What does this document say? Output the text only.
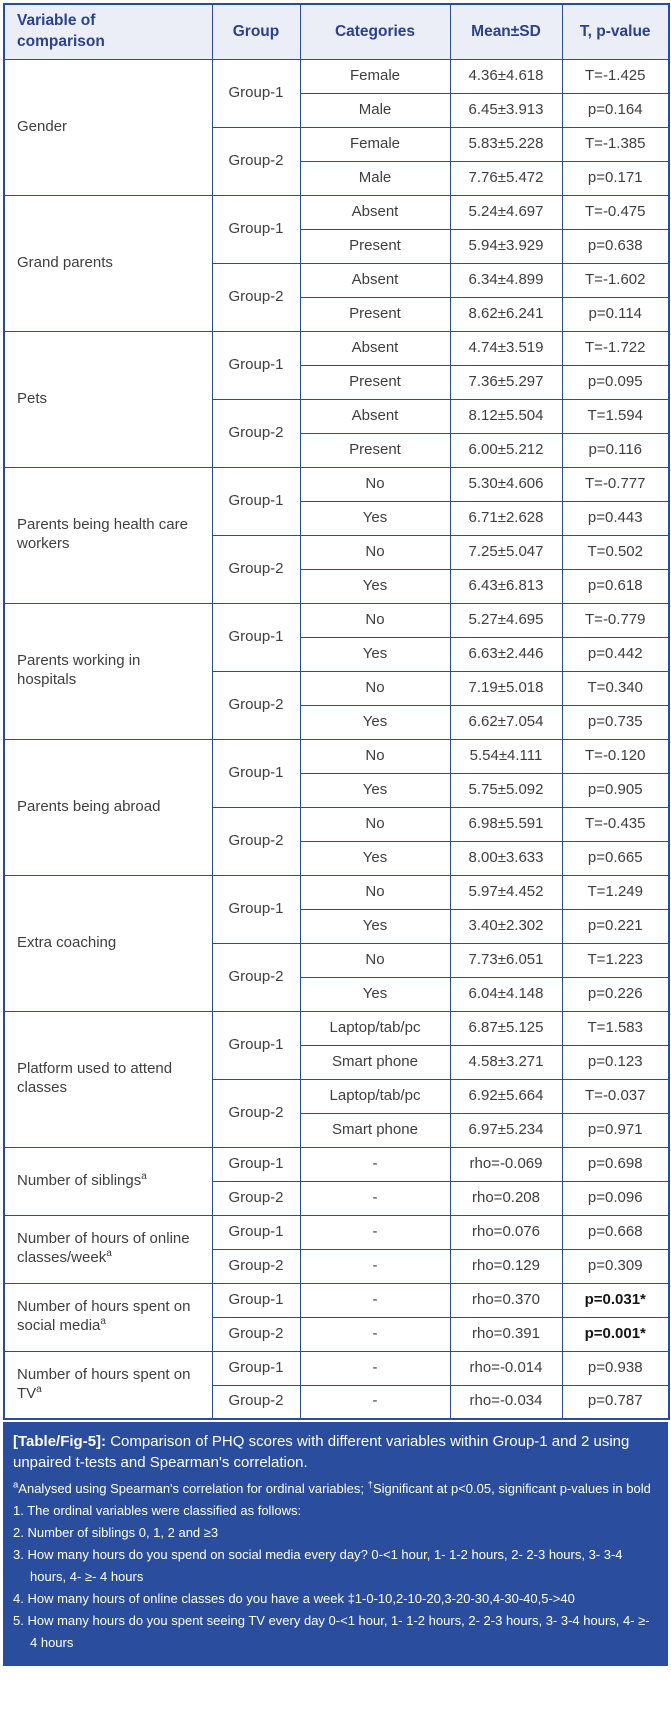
Variable of comparison	Group	Categories	Mean±SD	T, p-value
Gender	Group-1	Female	4.36±4.618	T=-1.425
		Male	6.45±3.913	p=0.164
	Group-2	Female	5.83±5.228	T=-1.385
		Male	7.76±5.472	p=0.171
Grand parents	Group-1	Absent	5.24±4.697	T=-0.475
		Present	5.94±3.929	p=0.638
	Group-2	Absent	6.34±4.899	T=-1.602
		Present	8.62±6.241	p=0.114
Pets	Group-1	Absent	4.74±3.519	T=-1.722
		Present	7.36±5.297	p=0.095
	Group-2	Absent	8.12±5.504	T=1.594
		Present	6.00±5.212	p=0.116
Parents being health care workers	Group-1	No	5.30±4.606	T=-0.777
		Yes	6.71±2.628	p=0.443
	Group-2	No	7.25±5.047	T=0.502
		Yes	6.43±6.813	p=0.618
Parents working in hospitals	Group-1	No	5.27±4.695	T=-0.779
		Yes	6.63±2.446	p=0.442
	Group-2	No	7.19±5.018	T=0.340
		Yes	6.62±7.054	p=0.735
Parents being abroad	Group-1	No	5.54±4.111	T=-0.120
		Yes	5.75±5.092	p=0.905
	Group-2	No	6.98±5.591	T=-0.435
		Yes	8.00±3.633	p=0.665
Extra coaching	Group-1	No	5.97±4.452	T=1.249
		Yes	3.40±2.302	p=0.221
	Group-2	No	7.73±6.051	T=1.223
		Yes	6.04±4.148	p=0.226
Platform used to attend classes	Group-1	Laptop/tab/pc	6.87±5.125	T=1.583
		Smart phone	4.58±3.271	p=0.123
	Group-2	Laptop/tab/pc	6.92±5.664	T=-0.037
		Smart phone	6.97±5.234	p=0.971
Number of siblings$^a$	Group-1	-	rho=-0.069	p=0.698
	Group-2	-	rho=0.208	p=0.096
Number of hours of online classes/week$^a$	Group-1	-	rho=0.076	p=0.668
	Group-2	-	rho=0.129	p=0.309
Number of hours spent on social media$^a$	Group-1	-	rho=0.370	p=0.031*
	Group-2	-	rho=0.391	p=0.001*
Number of hours spent on $TV^a$	Group-1	-	rho=-0.014	p=0.938
	Group-2	-	rho=-0.034	p=0.787
[Table/Fig-5]: Comparison of PHQ scores with different variables within Group-1 and 2 using unpaired t-tests and Spearman's correlation.
$^a$Analysed using Spearman's correlation for ordinal variables; †Significant at p<0.05, significant p-values in bold
1. The ordinal variables were classified as follows:
2. Number of siblings 0, 1, 2 and ≥3
3. How many hours do you spend on social media every day? 0-<1 hour, 1- 1-2 hours, 2- 2-3 hours, 3- 3-4 hours, 4- ≥- 4 hours
4. How many hours of online classes do you have a week ‡1-0-10,2-10-20,3-20-30,4-30-40,5->40
5. How many hours do you spent seeing TV every day 0-<1 hour, 1- 1-2 hours, 2- 2-3 hours, 3- 3-4 hours, 4- ≥- 4 hours
